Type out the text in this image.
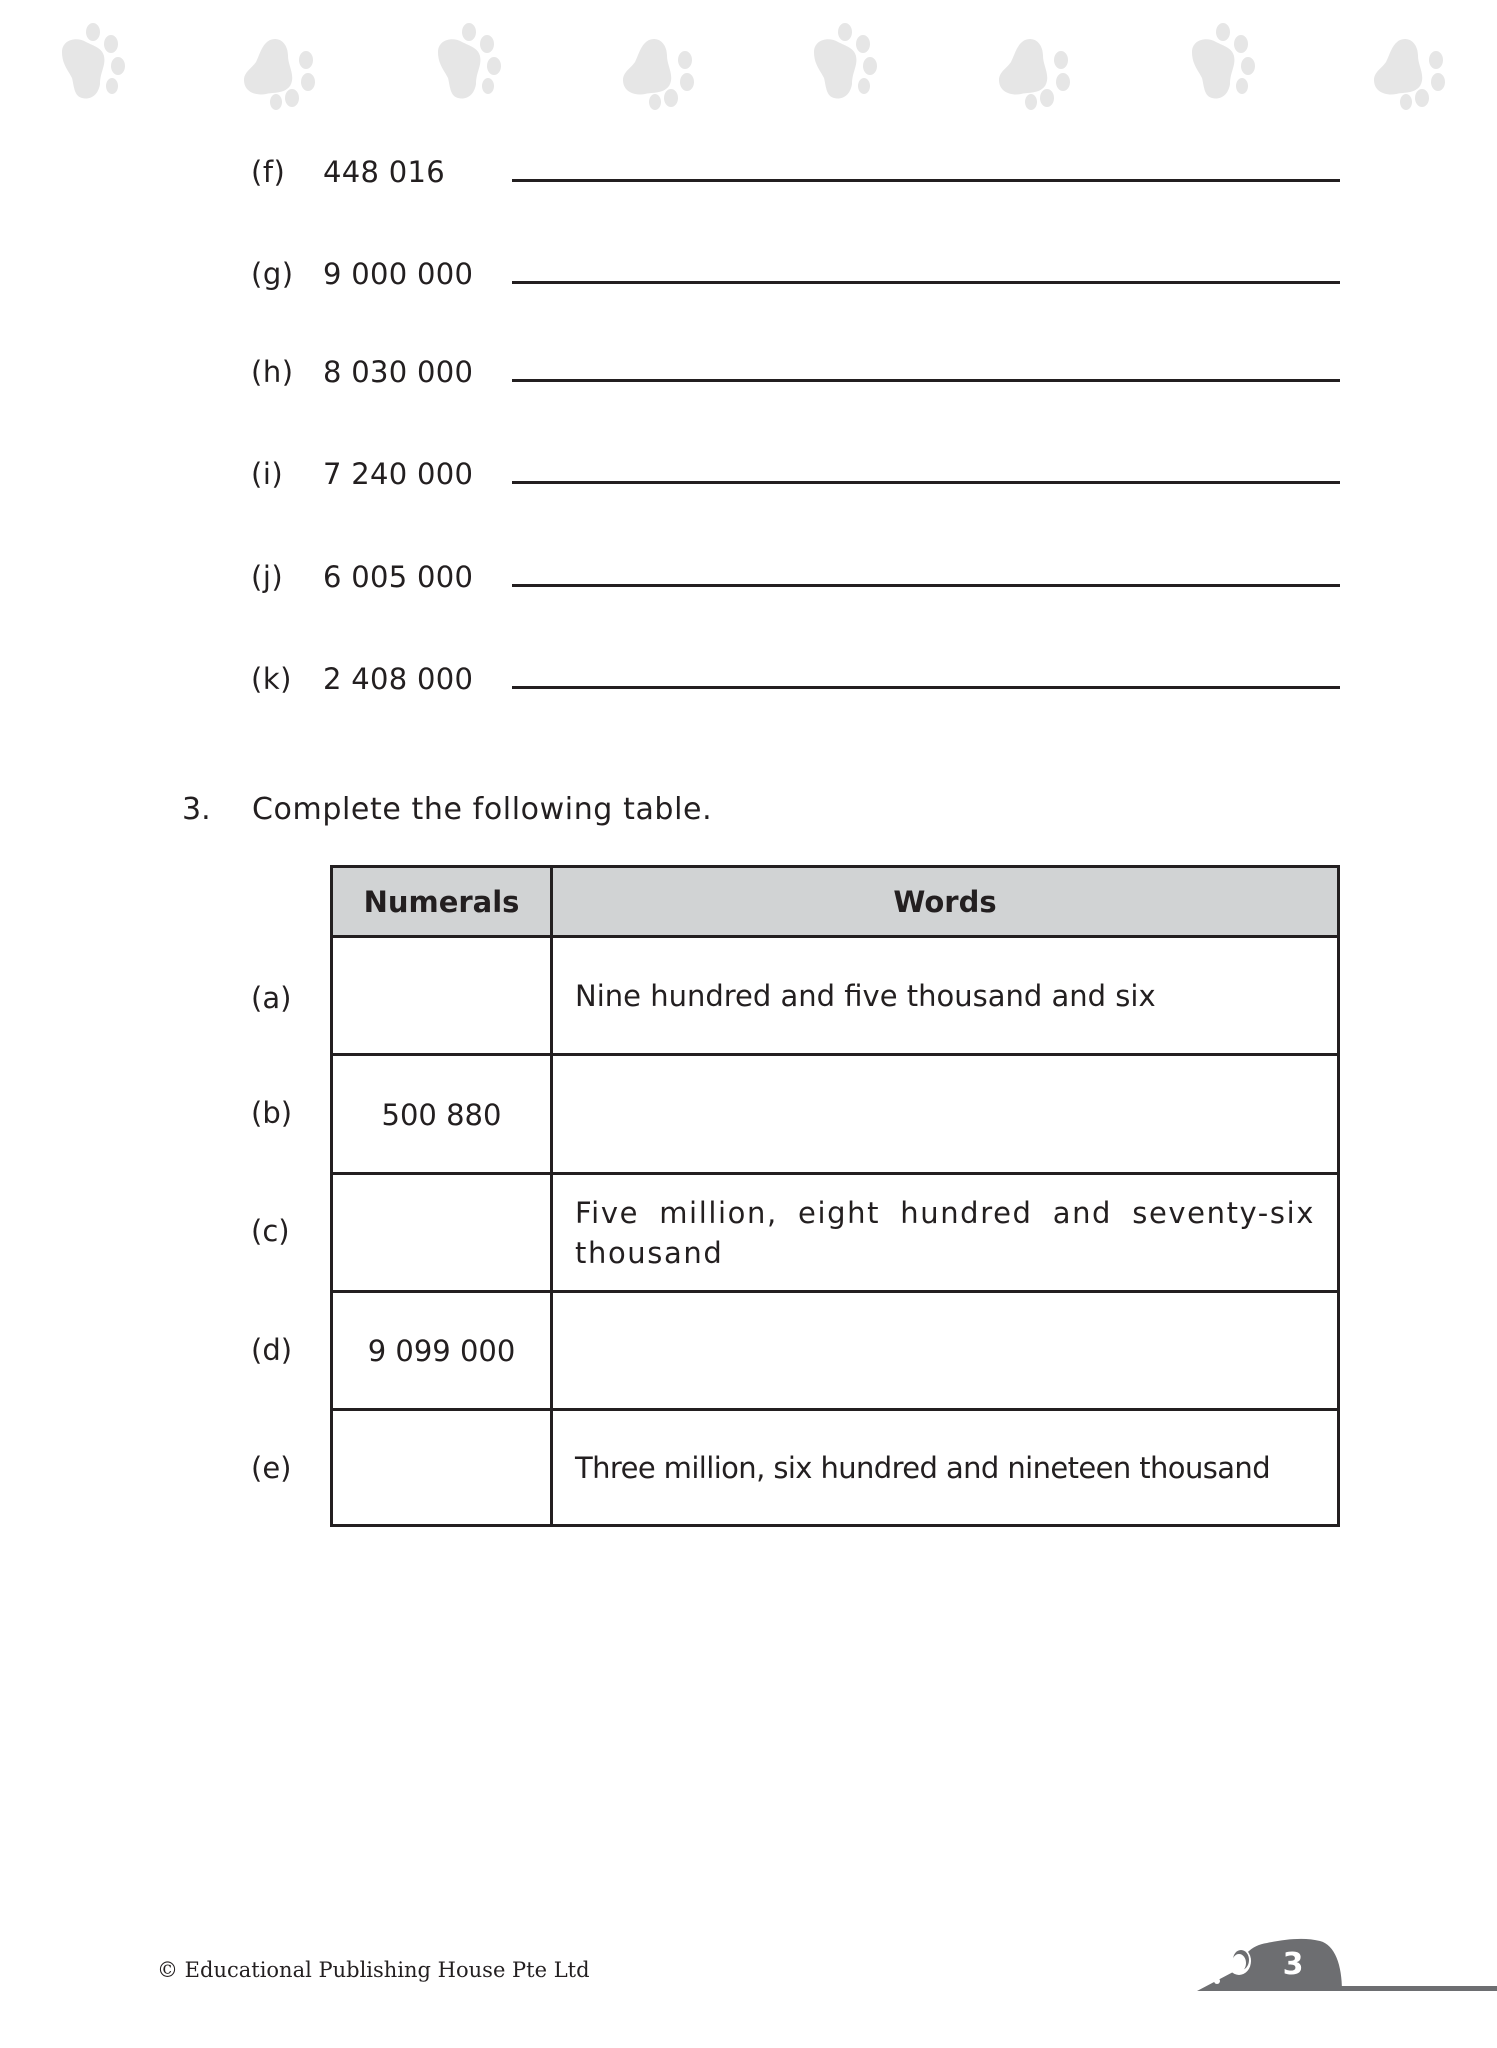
(f) 448 016
(g) 9 000 000
(h) 8 030 000
(i) 7 240 000
(j) 6 005 000
(k) 2 408 000
3. Complete the following table.
(a)
(b)
(c)
(d)
(e)
Numerals	Words
Nine hundred and five thousand and six
500 880
Five million, eight hundred and seventy-six thousand
9 099 000
Three million, six hundred and nineteen thousand
© Educational Publishing House Pte Ltd	3
